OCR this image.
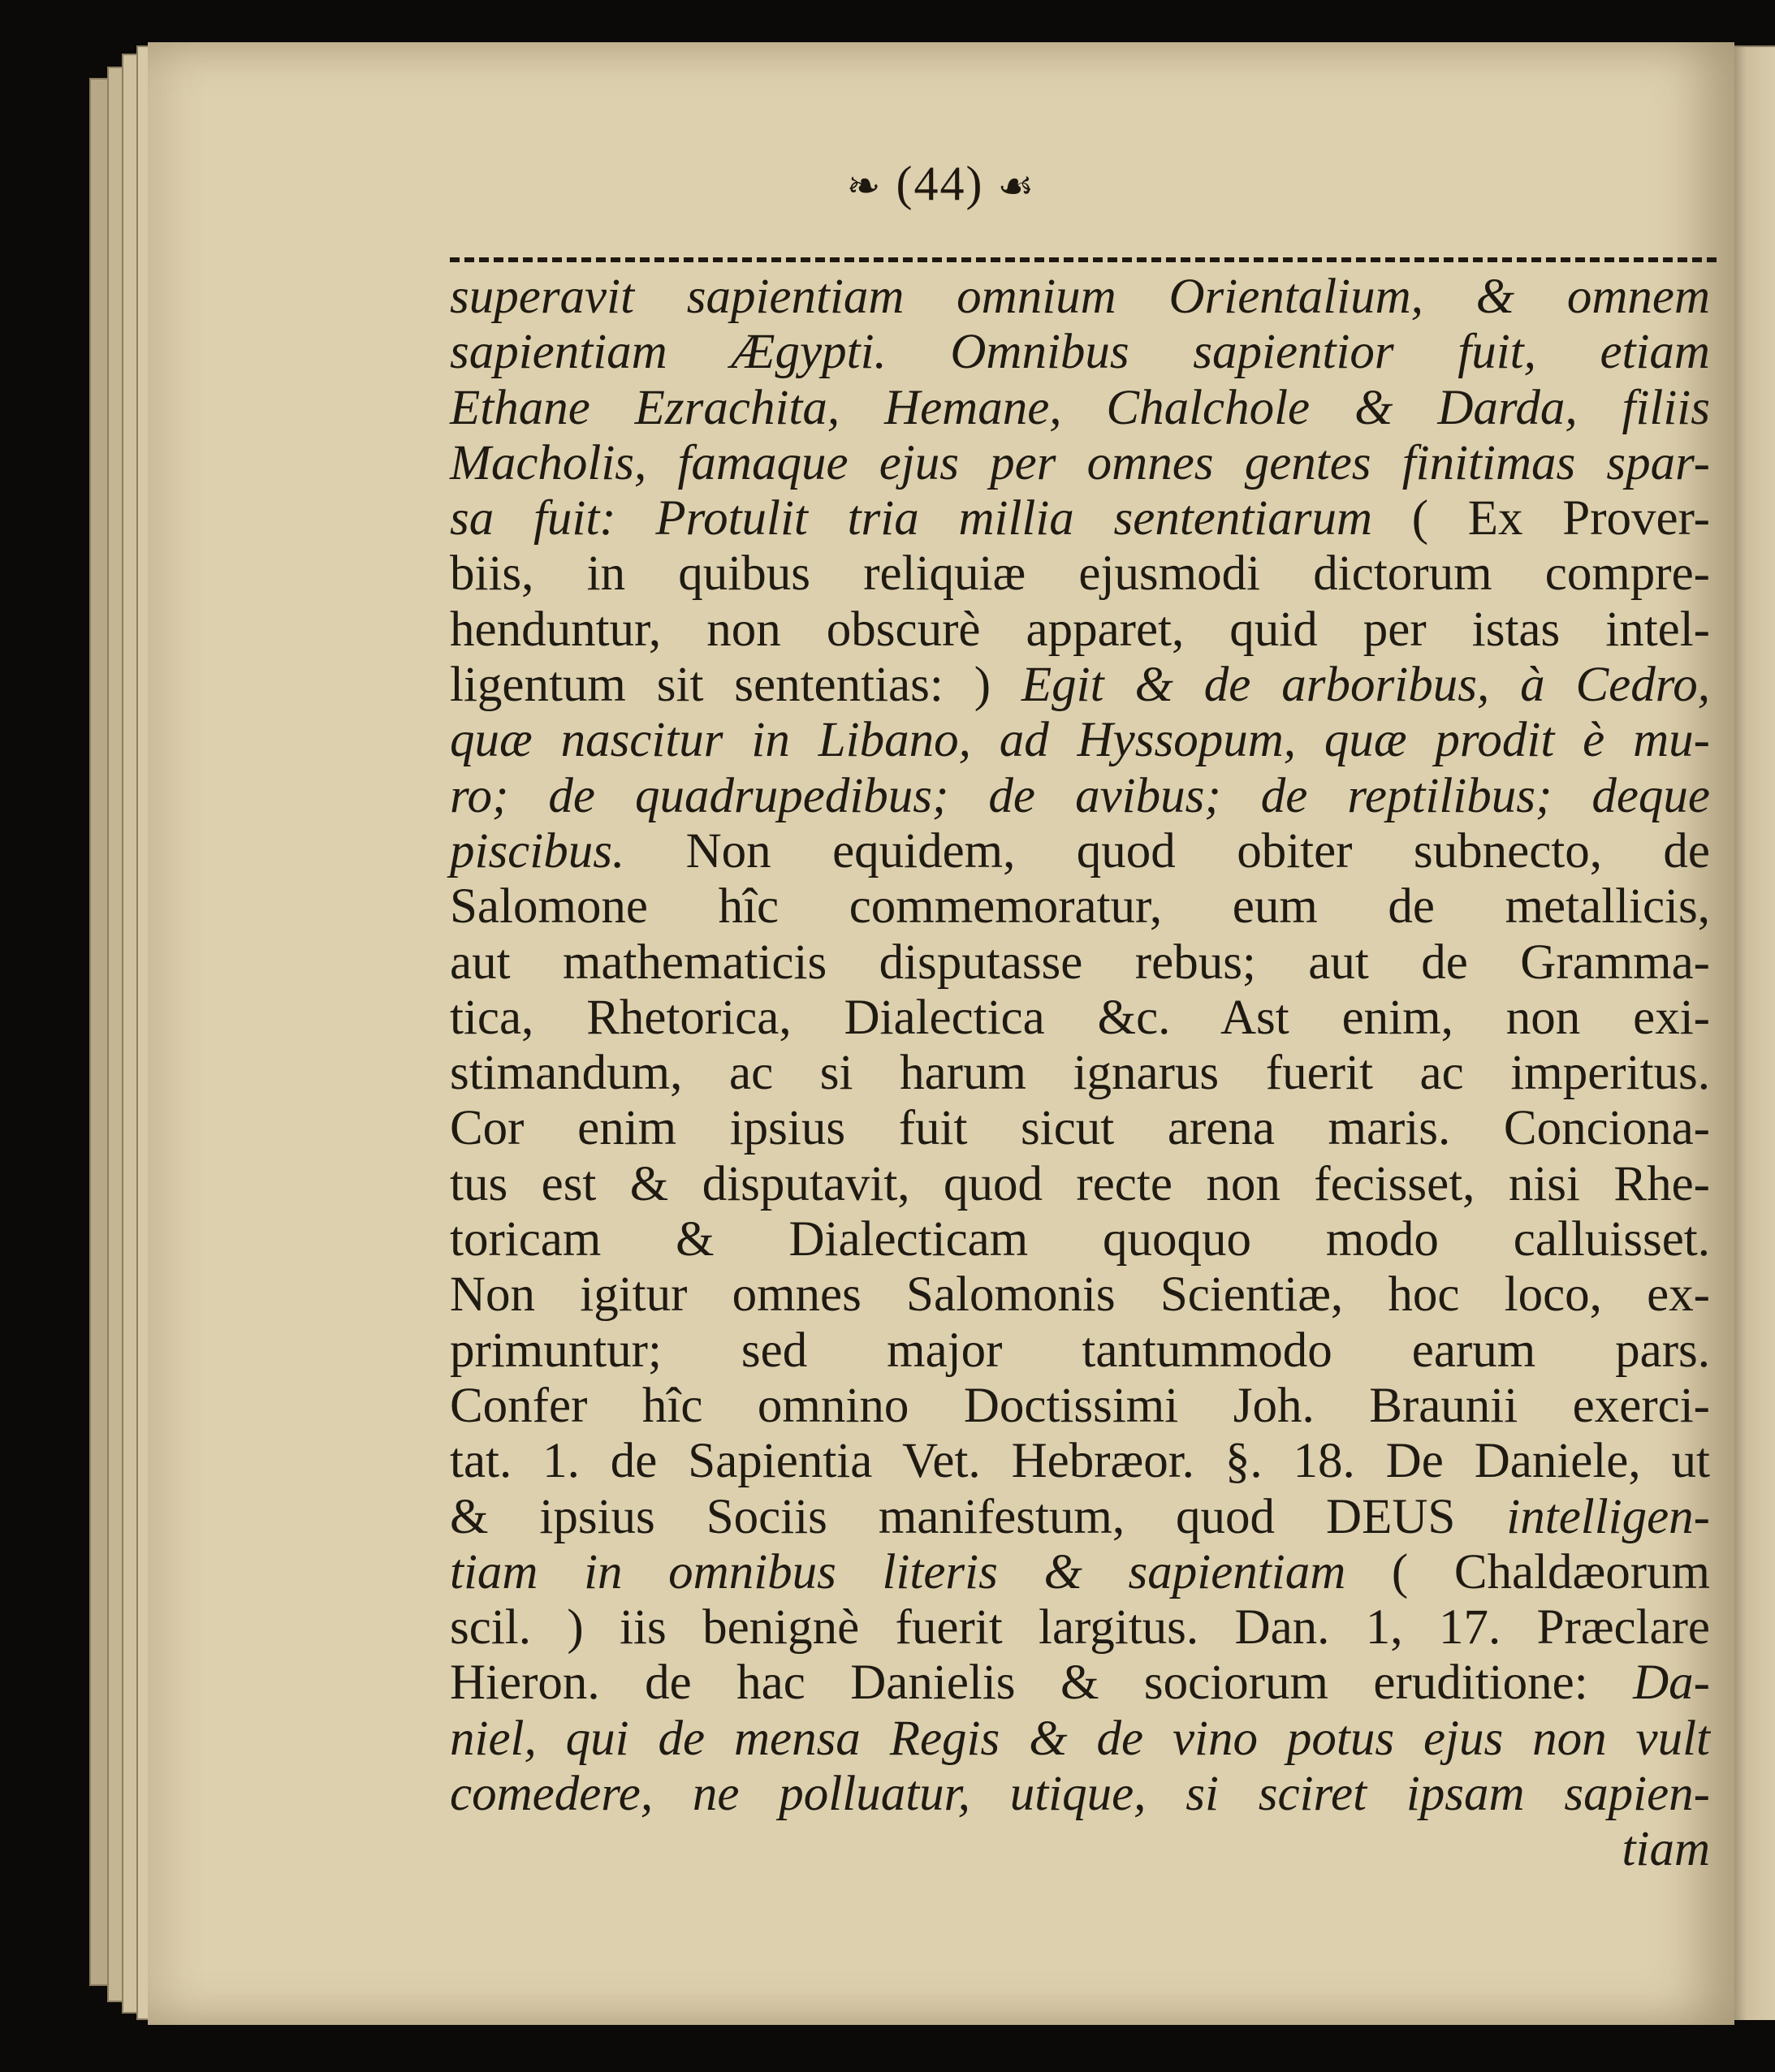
❧ (44) ☙
superavit sapientiam omnium Orientalium, & omnem
sapientiam Ægypti. Omnibus sapientior fuit, etiam
Ethane Ezrachita, Hemane, Chalchole & Darda, filiis
Macholis, famaque ejus per omnes gentes finitimas spar-
sa fuit: Protulit tria millia sententiarum ( Ex Prover-
biis, in quibus reliquiæ ejusmodi dictorum compre-
henduntur, non obscurè apparet, quid per istas intel-
ligentum sit sententias: ) Egit & de arboribus, à Cedro,
quæ nascitur in Libano, ad Hyssopum, quæ prodit è mu-
ro; de quadrupedibus; de avibus; de reptilibus; deque
piscibus. Non equidem, quod obiter subnecto, de
Salomone hîc commemoratur, eum de metallicis,
aut mathematicis disputasse rebus; aut de Gramma-
tica, Rhetorica, Dialectica &c. Ast enim, non exi-
stimandum, ac si harum ignarus fuerit ac imperitus.
Cor enim ipsius fuit sicut arena maris. Conciona-
tus est & disputavit, quod recte non fecisset, nisi Rhe-
toricam & Dialecticam quoquo modo calluisset.
Non igitur omnes Salomonis Scientiæ, hoc loco, ex-
primuntur; sed major tantummodo earum pars.
Confer hîc omnino Doctissimi Joh. Braunii exerci-
tat. 1. de Sapientia Vet. Hebræor. §. 18. De Daniele, ut
& ipsius Sociis manifestum, quod DEUS intelligen-
tiam in omnibus literis & sapientiam ( Chaldæorum
scil. ) iis benignè fuerit largitus. Dan. 1, 17. Præclare
Hieron. de hac Danielis & sociorum eruditione: Da-
niel, qui de mensa Regis & de vino potus ejus non vult
comedere, ne polluatur, utique, si sciret ipsam sapien-
tiam
